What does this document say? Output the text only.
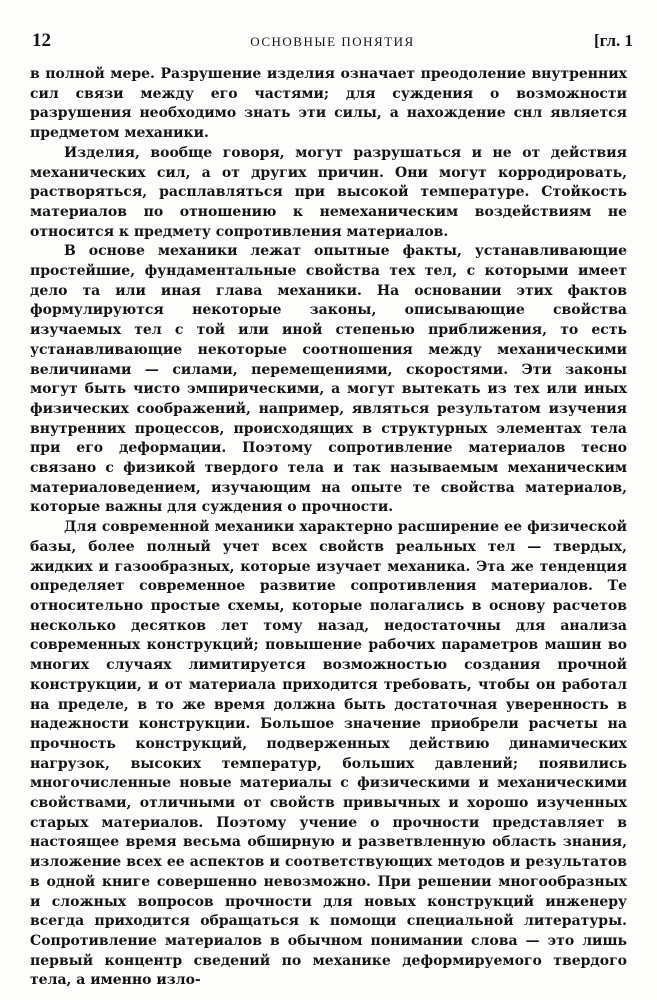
12	ОСНОВНЫЕ ПОНЯТИЯ	[гл. 1

в полной мере. Разрушение изделия означает преодоление внутренних сил связи между его частями; для суждения о возможности разрушения необходимо знать эти силы, а нахождение снл является предметом механики.

Изделия, вообще говоря, могут разрушаться и не от действия механических сил, а от других причин. Они могут корродировать, растворяться, расплавляться при высокой температуре. Стойкость материалов по отношению к немеханическим воздействиям не относится к предмету сопротивления материалов.

В основе механики лежат опытные факты, устанавливающие простейшие, фундаментальные свойства тех тел, с которыми имеет дело та или иная глава механики. На основании этих фактов формулируются некоторые законы, описывающие свойства изучаемых тел с той или иной степенью приближения, то есть устанавливающие некоторые соотношения между механическими величинами — силами, перемещениями, скоростями. Эти законы могут быть чисто эмпирическими, а могут вытекать из тех или иных физических соображений, например, являться результатом изучения внутренних процессов, происходящих в структурных элементах тела при его деформации. Поэтому сопротивление материалов тесно связано с физикой твердого тела и так называемым механическим материаловедением, изучающим на опыте те свойства материалов, которые важны для суждения о прочности.

Для современной механики характерно расширение ее физической базы, более полный учет всех свойств реальных тел — твердых, жидких и газообразных, которые изучает механика. Эта же тенденция определяет современное развитие сопротивления материалов. Те относительно простые схемы, которые полагались в основу расчетов несколько десятков лет тому назад, недостаточны для анализа современных конструкций; повышение рабочих параметров машин во многих случаях лимитируется возможностью создания прочной конструкции, и от материала приходится требовать, чтобы он работал на пределе, в то же время должна быть достаточная уверенность в надежности конструкции. Большое значение приобрели расчеты на прочность конструкций, подверженных действию динамических нагрузок, высоких температур, больших давлений; появились многочисленные новые материалы с физическими и механическими свойствами, отличными от свойств привычных и хорошо изученных старых материалов. Поэтому учение о прочности представляет в настоящее время весьма обширную и разветвленную область знания, изложение всех ее аспектов и соответствующих методов и результатов в одной книге совершенно невозможно. При решении многообразных и сложных вопросов прочности для новых конструкций инженеру всегда приходится обращаться к помощи специальной литературы. Сопротивление материалов в обычном понимании слова — это лишь первый концентр сведений по механике деформируемого твердого тела, а именно изло-
